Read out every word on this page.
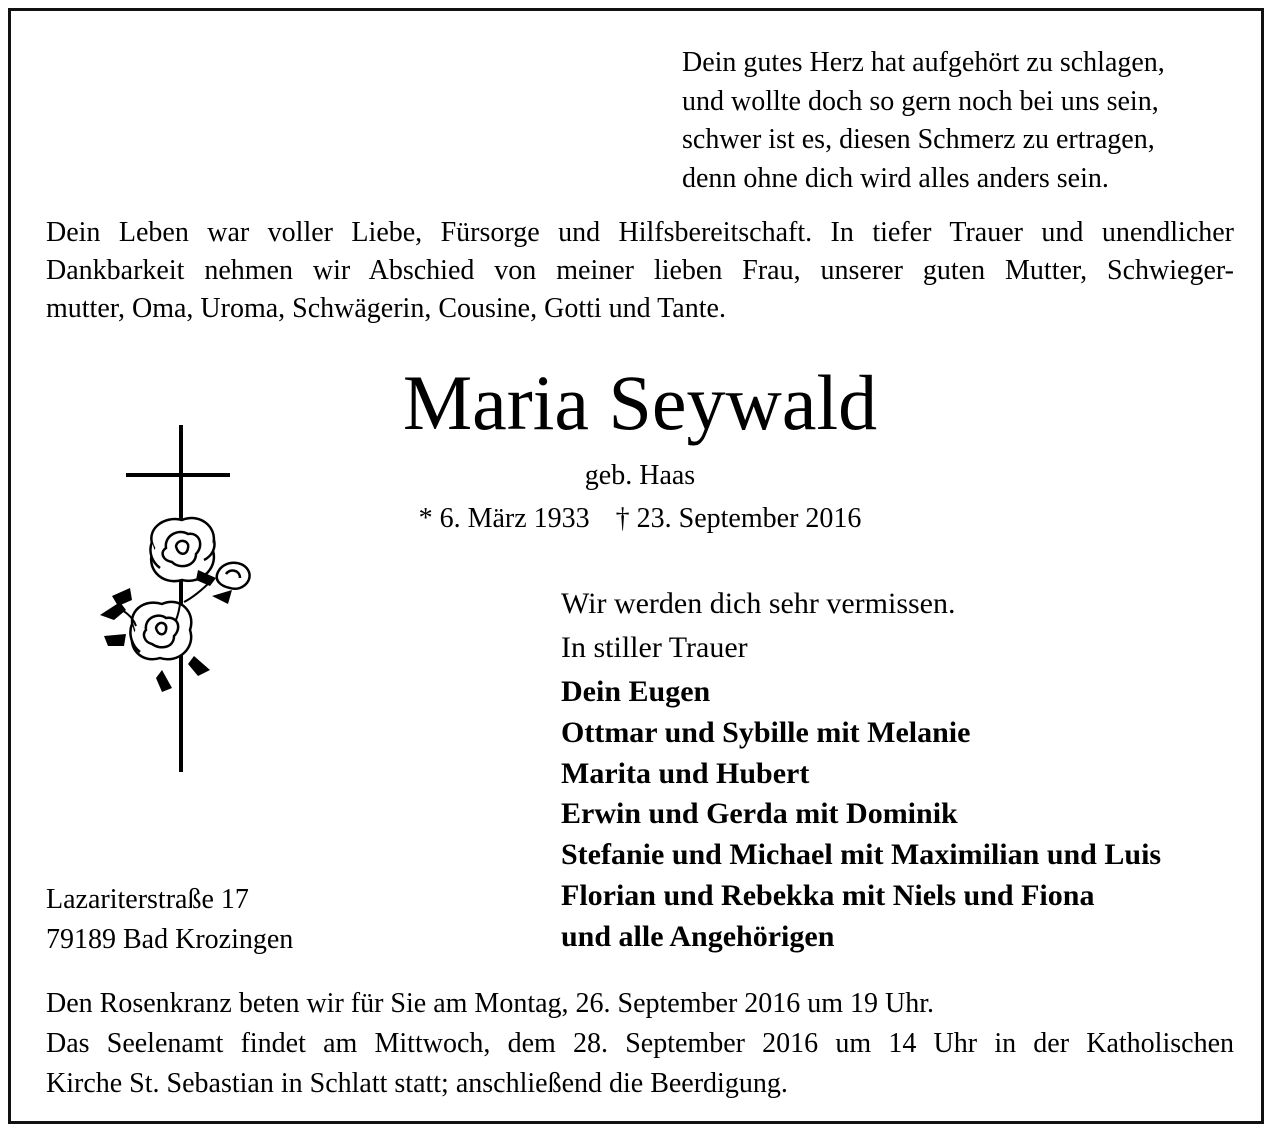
Dein gutes Herz hat aufgehört zu schlagen,
und wollte doch so gern noch bei uns sein,
schwer ist es, diesen Schmerz zu ertragen,
denn ohne dich wird alles anders sein.
Dein Leben war voller Liebe, Fürsorge und Hilfsbereitschaft. In tiefer Trauer und unendlicher
Dankbarkeit nehmen wir Abschied von meiner lieben Frau, unserer guten Mutter, Schwieger-
mutter, Oma, Uroma, Schwägerin, Cousine, Gotti und Tante.
Maria Seywald
geb. Haas
* 6. März 1933 † 23. September 2016
Wir werden dich sehr vermissen.
In stiller Trauer
Dein Eugen
Ottmar und Sybille mit Melanie
Marita und Hubert
Erwin und Gerda mit Dominik
Stefanie und Michael mit Maximilian und Luis
Florian und Rebekka mit Niels und Fiona
und alle Angehörigen
Lazariterstraße 17
79189 Bad Krozingen
Den Rosenkranz beten wir für Sie am Montag, 26. September 2016 um 19 Uhr.
Das Seelenamt findet am Mittwoch, dem 28. September 2016 um 14 Uhr in der Katholischen
Kirche St. Sebastian in Schlatt statt; anschließend die Beerdigung.
